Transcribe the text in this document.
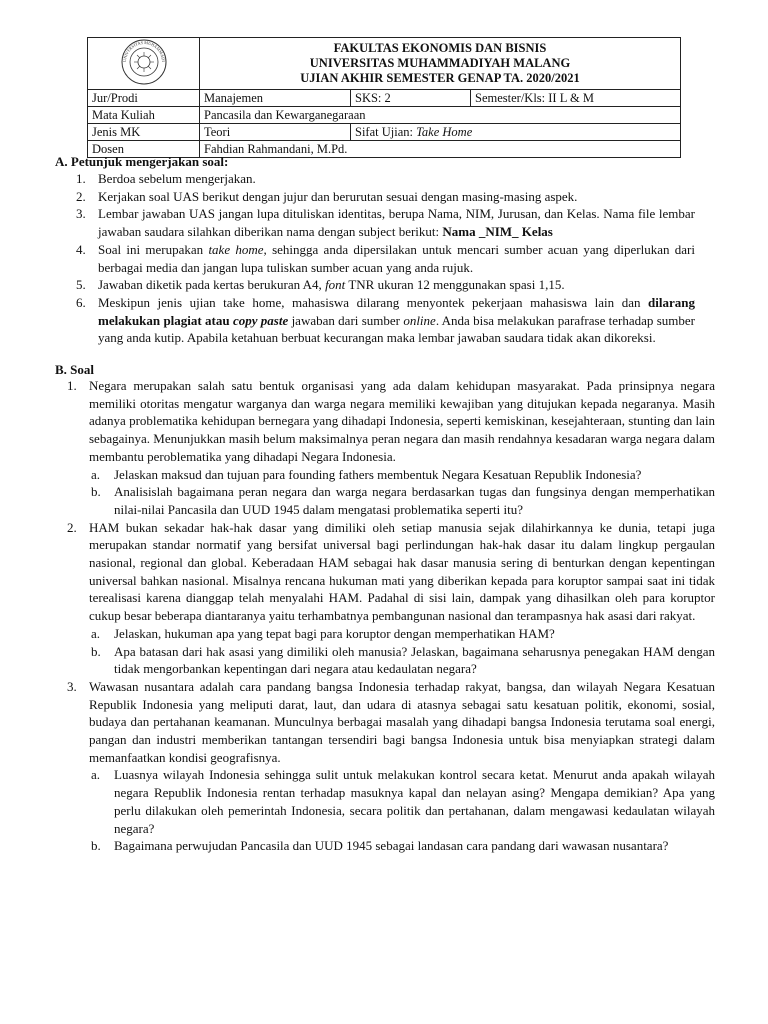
UNIVERSITAS MUHAMMADI	FAKULTAS EKONOMIS DAN BISNIS
UNIVERSITAS MUHAMMADIYAH MALANG
UJIAN AKHIR SEMESTER GENAP TA. 2020/2021		

Jur/Prodi	Manajemen	SKS: 2	Semester/Kls: II L & M
Mata Kuliah	Pancasila dan Kewarganegaraan		
Jenis MK	Teori	Sifat Ujian: Take Home	
Dosen	Fahdian Rahmandani, M.Pd.		
A. Petunjuk mengerjakan soal:
1. Berdoa sebelum mengerjakan.
2. Kerjakan soal UAS berikut dengan jujur dan berurutan sesuai dengan masing-masing aspek.
3. Lembar jawaban UAS jangan lupa dituliskan identitas, berupa Nama, NIM, Jurusan, dan Kelas. Nama file lembar jawaban saudara silahkan diberikan nama dengan subject berikut: Nama _NIM_ Kelas
4. Soal ini merupakan take home, sehingga anda dipersilakan untuk mencari sumber acuan yang diperlukan dari berbagai media dan jangan lupa tuliskan sumber acuan yang anda rujuk.
5. Jawaban diketik pada kertas berukuran A4, font TNR ukuran 12 menggunakan spasi 1,15.
6. Meskipun jenis ujian take home, mahasiswa dilarang menyontek pekerjaan mahasiswa lain dan dilarang melakukan plagiat atau copy paste jawaban dari sumber online. Anda bisa melakukan parafrase terhadap sumber yang anda kutip. Apabila ketahuan berbuat kecurangan maka lembar jawaban saudara tidak akan dikoreksi.
B. Soal
1. Negara merupakan salah satu bentuk organisasi yang ada dalam kehidupan masyarakat. Pada prinsipnya negara memiliki otoritas mengatur warganya dan warga negara memiliki kewajiban yang ditujukan kepada negaranya. Masih adanya problematika kehidupan bernegara yang dihadapi Indonesia, seperti kemiskinan, kesejahteraan, stunting dan lain sebagainya. Menunjukkan masih belum maksimalnya peran negara dan masih rendahnya kesadaran warga negara dalam membantu peroblematika yang dihadapi Negara Indonesia.
a. Jelaskan maksud dan tujuan para founding fathers membentuk Negara Kesatuan Republik Indonesia?
b. Analisislah bagaimana peran negara dan warga negara berdasarkan tugas dan fungsinya dengan memperhatikan nilai-nilai Pancasila dan UUD 1945 dalam mengatasi problematika seperti itu?
2. HAM bukan sekadar hak-hak dasar yang dimiliki oleh setiap manusia sejak dilahirkannya ke dunia, tetapi juga merupakan standar normatif yang bersifat universal bagi perlindungan hak-hak dasar itu dalam lingkup pergaulan nasional, regional dan global. Keberadaan HAM sebagai hak dasar manusia sering di benturkan dengan kepentingan universal bahkan nasional. Misalnya rencana hukuman mati yang diberikan kepada para koruptor sampai saat ini tidak terealisasi karena dianggap telah menyalahi HAM. Padahal di sisi lain, dampak yang dihasilkan oleh para koruptor cukup besar beberapa diantaranya yaitu terhambatnya pembangunan nasional dan terampasnya hak asasi dari rakyat.
a. Jelaskan, hukuman apa yang tepat bagi para koruptor dengan memperhatikan HAM?
b. Apa batasan dari hak asasi yang dimiliki oleh manusia? Jelaskan, bagaimana seharusnya penegakan HAM dengan tidak mengorbankan kepentingan dari negara atau kedaulatan negara?
3. Wawasan nusantara adalah cara pandang bangsa Indonesia terhadap rakyat, bangsa, dan wilayah Negara Kesatuan Republik Indonesia yang meliputi darat, laut, dan udara di atasnya sebagai satu kesatuan politik, ekonomi, sosial, budaya dan pertahanan keamanan. Munculnya berbagai masalah yang dihadapi bangsa Indonesia terutama soal energi, pangan dan industri memberikan tantangan tersendiri bagi bangsa Indonesia untuk bisa menyiapkan strategi dalam memanfaatkan kondisi geografisnya.
a. Luasnya wilayah Indonesia sehingga sulit untuk melakukan kontrol secara ketat. Menurut anda apakah wilayah negara Republik Indonesia rentan terhadap masuknya kapal dan nelayan asing? Mengapa demikian? Apa yang perlu dilakukan oleh pemerintah Indonesia, secara politik dan pertahanan, dalam mengawasi kedaulatan wilayah negara?
b. Bagaimana perwujudan Pancasila dan UUD 1945 sebagai landasan cara pandang dari wawasan nusantara?
